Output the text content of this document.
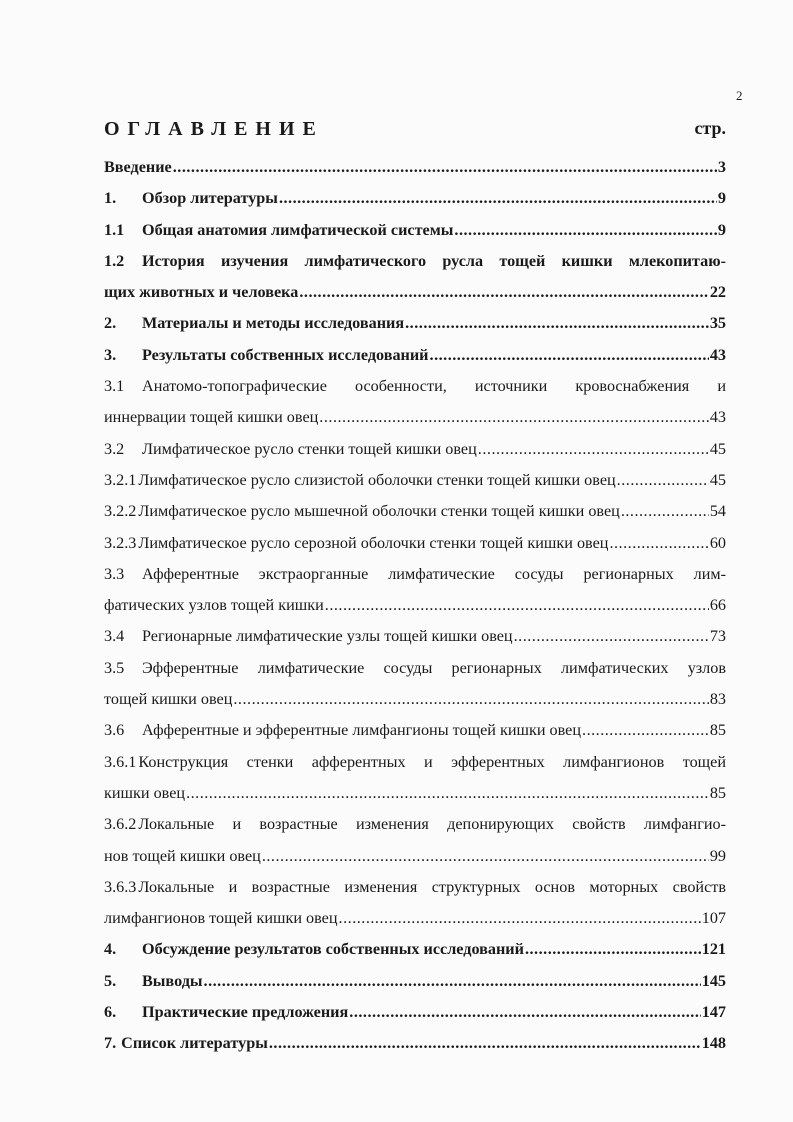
2
ОГЛАВЛЕНИЕ	стр.
Введение .....	3
1. Обзор литературы .....	9
1.1 Общая анатомия лимфатической системы .....	9
1.2 История изучения лимфатического русла тощей кишки млекопитаю-
щих животных и человека .....	22
2. Материалы и методы исследования .....	35
3. Результаты собственных исследований .....	43
3.1 Анатомо-топографические особенности, источники кровоснабжения и
иннервации тощей кишки овец .....	43
3.2 Лимфатическое русло стенки тощей кишки овец .....	45
3.2.1 Лимфатическое русло слизистой оболочки стенки тощей кишки овец .....	45
3.2.2 Лимфатическое русло мышечной оболочки стенки тощей кишки овец .....	54
3.2.3 Лимфатическое русло серозной оболочки стенки тощей кишки овец .....	60
3.3 Афферентные экстраорганные лимфатические сосуды регионарных лим-
фатических узлов тощей кишки .....	66
3.4 Регионарные лимфатические узлы тощей кишки овец .....	73
3.5 Эфферентные лимфатические сосуды регионарных лимфатических узлов
тощей кишки овец .....	83
3.6 Афферентные и эфферентные лимфангионы тощей кишки овец .....	85
3.6.1 Конструкция стенки афферентных и эфферентных лимфангионов тощей
кишки овец .....	85
3.6.2 Локальные и возрастные изменения депонирующих свойств лимфангио-
нов тощей кишки овец .....	99
3.6.3 Локальные и возрастные изменения структурных основ моторных свойств
лимфангионов тощей кишки овец .....	107
4. Обсуждение результатов собственных исследований .....	121
5. Выводы .....	145
6. Практические предложения .....	147
7. Список литературы .....	148
